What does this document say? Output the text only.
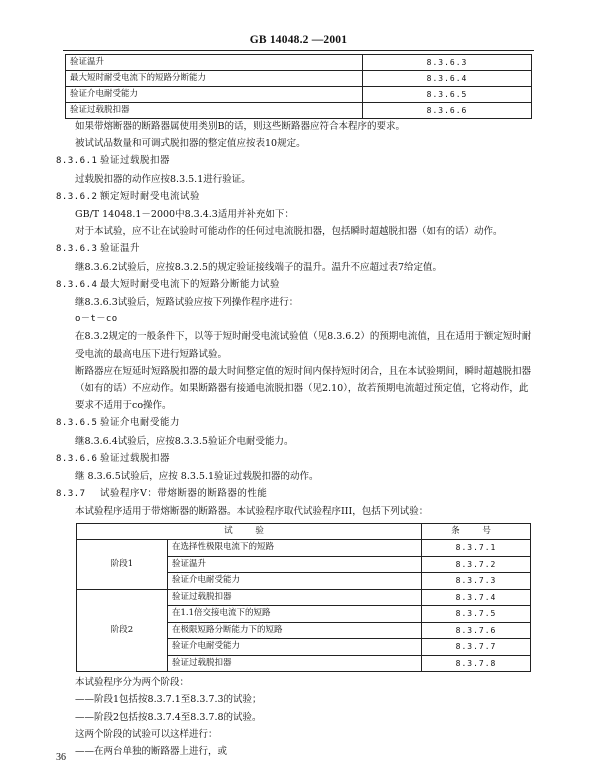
GB 14048.2 —2001
验证温升	8.3.6.3
最大短时耐受电流下的短路分断能力	8.3.6.4
验证介电耐受能力	8.3.6.5
验证过载脱扣器	8.3.6.6

如果带熔断器的断路器属使用类别B的话，则这些断路器应符合本程序的要求。

被试试品数量和可调式脱扣器的整定值应按表10规定。

8.3.6.1 验证过载脱扣器

过载脱扣器的动作应按8.3.5.1进行验证。

8.3.6.2 额定短时耐受电流试验

GB/T 14048.1－2000中8.3.4.3适用并补充如下：

对于本试验，应不让在试验时可能动作的任何过电流脱扣器，包括瞬时超越脱扣器（如有的话）动作。

8.3.6.3 验证温升

继8.3.6.2试验后，应按8.3.2.5的规定验证接线端子的温升。温升不应超过表7给定值。

8.3.6.4 最大短时耐受电流下的短路分断能力试验

继8.3.6.3试验后，短路试验应按下列操作程序进行：

o－t－co

在8.3.2规定的一般条件下，以等于短时耐受电流试验值（见8.3.6.2）的预期电流值，且在适用于额定短时耐受电流的最高电压下进行短路试验。

断路器应在短延时短路脱扣器的最大时间整定值的短时间内保持短时闭合，且在本试验期间，瞬时超越脱扣器（如有的话）不应动作。如果断路器有接通电流脱扣器（见2.10），故若预期电流超过预定值，它将动作，此要求不适用于co操作。

8.3.6.5 验证介电耐受能力

继8.3.6.4试验后，应按8.3.3.5验证介电耐受能力。

8.3.6.6 验证过载脱扣器

继 8.3.6.5试验后，应按 8.3.5.1验证过载脱扣器的动作。

8.3.7 试验程序V：带熔断器的断路器的性能

本试验程序适用于带熔断器的断路器。本试验程序取代试验程序III，包括下列试验：

试 验		条 号
阶段1	在选择性极限电流下的短路	8.3.7.1
	验证温升	8.3.7.2
	验证介电耐受能力	8.3.7.3
阶段2	验证过载脱扣器	8.3.7.4
	在1.1倍交接电流下的短路	8.3.7.5
	在极限短路分断能力下的短路	8.3.7.6
	验证介电耐受能力	8.3.7.7
	验证过载脱扣器	8.3.7.8

本试验程序分为两个阶段：

——阶段1包括按8.3.7.1至8.3.7.3的试验；

——阶段2包括按8.3.7.4至8.3.7.8的试验。

这两个阶段的试验可以这样进行：

——在两台单独的断路器上进行，或

36
